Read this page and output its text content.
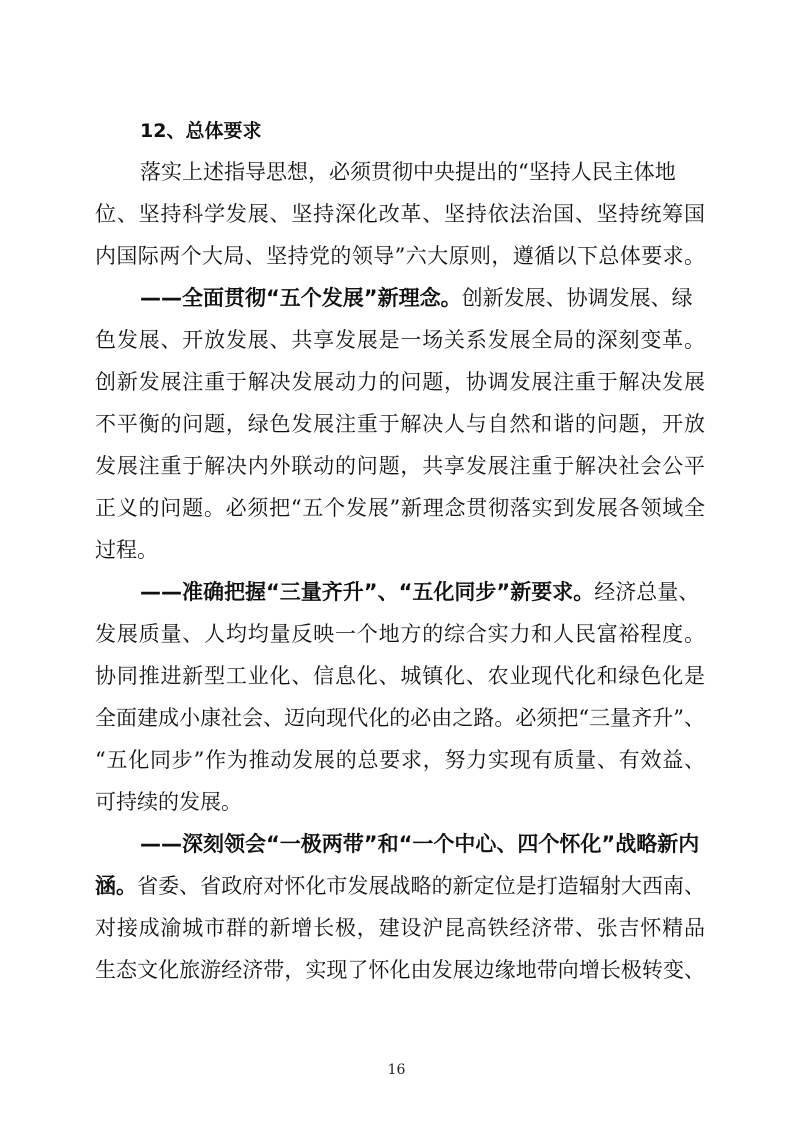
12、总体要求
落实上述指导思想，必须贯彻中央提出的“坚持人民主体地
位、坚持科学发展、坚持深化改革、坚持依法治国、坚持统筹国
内国际两个大局、坚持党的领导”六大原则，遵循以下总体要求。
——全面贯彻“五个发展”新理念。创新发展、协调发展、绿
色发展、开放发展、共享发展是一场关系发展全局的深刻变革。
创新发展注重于解决发展动力的问题，协调发展注重于解决发展
不平衡的问题，绿色发展注重于解决人与自然和谐的问题，开放
发展注重于解决内外联动的问题，共享发展注重于解决社会公平
正义的问题。必须把“五个发展”新理念贯彻落实到发展各领域全
过程。
——准确把握“三量齐升”、“五化同步”新要求。经济总量、
发展质量、人均均量反映一个地方的综合实力和人民富裕程度。
协同推进新型工业化、信息化、城镇化、农业现代化和绿色化是
全面建成小康社会、迈向现代化的必由之路。必须把“三量齐升”、
“五化同步”作为推动发展的总要求，努力实现有质量、有效益、
可持续的发展。
——深刻领会“一极两带”和“一个中心、四个怀化”战略新内
涵。省委、省政府对怀化市发展战略的新定位是打造辐射大西南、
对接成渝城市群的新增长极，建设沪昆高铁经济带、张吉怀精品
生态文化旅游经济带，实现了怀化由发展边缘地带向增长极转变、
16
